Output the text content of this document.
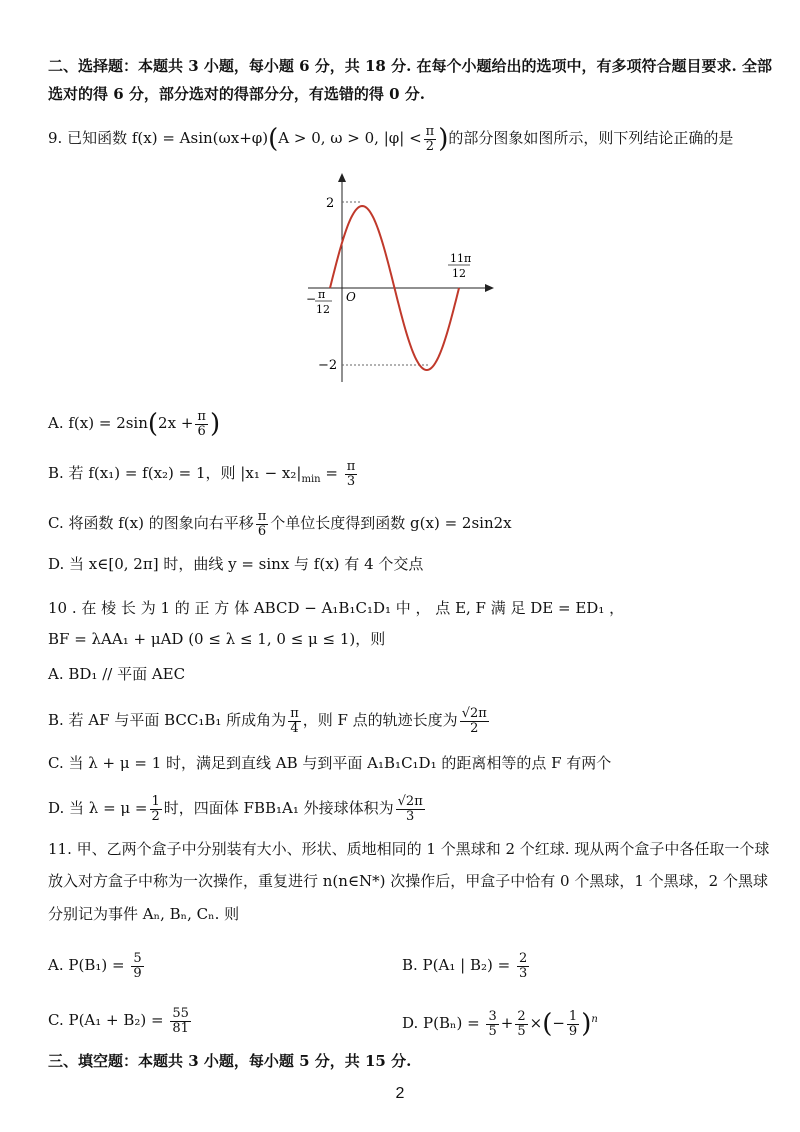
二、选择题：本题共 3 小题，每小题 6 分，共 18 分. 在每个小题给出的选项中，有多项符合题目要求. 全部
选对的得 6 分，部分选对的得部分分，有选错的得 0 分.
9. 已知函数 f(x) = Asin(ωx+φ)(A > 0, ω > 0, $|\varphi| < \frac{\pi}{2}$ )的部分图象如图所示，则下列结论正确的是
2
−2
O
− π
12
11π
12
A. $f(x) = 2\sin(2x + \frac{\pi}{6}$ )
B. 若 f(x₁) = f(x₂) = 1，则 $|x_1 - x_2|_{min} = \frac{\pi}{3}$
C. 将函数 f(x) 的图象向右平移 $\frac{\pi}{6}$ 个单位长度得到函数 g(x) = 2sin2x
D. 当 x∈[0, 2π] 时，曲线 y = sinx 与 f(x) 有 4 个交点
10 . 在 棱 长 为 1 的 正 方 体 ABCD − A₁B₁C₁D₁ 中 ， 点 E, F 满 足 DE = ED₁ ，
BF = λAA₁ + μAD (0 ≤ λ ≤ 1, 0 ≤ μ ≤ 1)，则
A. BD₁ // 平面 AEC
B. 若 AF 与平面 BCC₁B₁ 所成角为 $\frac{\pi}{4}$ ，则 F 点的轨迹长度为 $\frac{√2\pi}{2}$
C. 当 λ + μ = 1 时，满足到直线 AB 与到平面 A₁B₁C₁D₁ 的距离相等的点 F 有两个
D. 当 $\lambda = \mu = \frac{1}{2}$ 时，四面体 FBB₁A₁ 外接球体积为 $\frac{√2\pi}{3}$
11. 甲、乙两个盒子中分别装有大小、形状、质地相同的 1 个黑球和 2 个红球. 现从两个盒子中各任取一个球
放入对方盒子中称为一次操作，重复进行 n(n∈N*) 次操作后，甲盒子中恰有 0 个黑球，1 个黑球，2 个黑球
分别记为事件 Aₙ, Bₙ, Cₙ. 则
A. $P(B_1) = \frac{5}{9}$	B. P(A₁ | $B_2) = \frac{2}{3}$
C. $P(A_1 + B_2) = \frac{55}{81}$	D. $P(B_n) = \frac{3}{5} + \frac{2}{5}$ ×(− $\frac{1}{9} )^n$
三、填空题：本题共 3 小题，每小题 5 分，共 15 分.
2
